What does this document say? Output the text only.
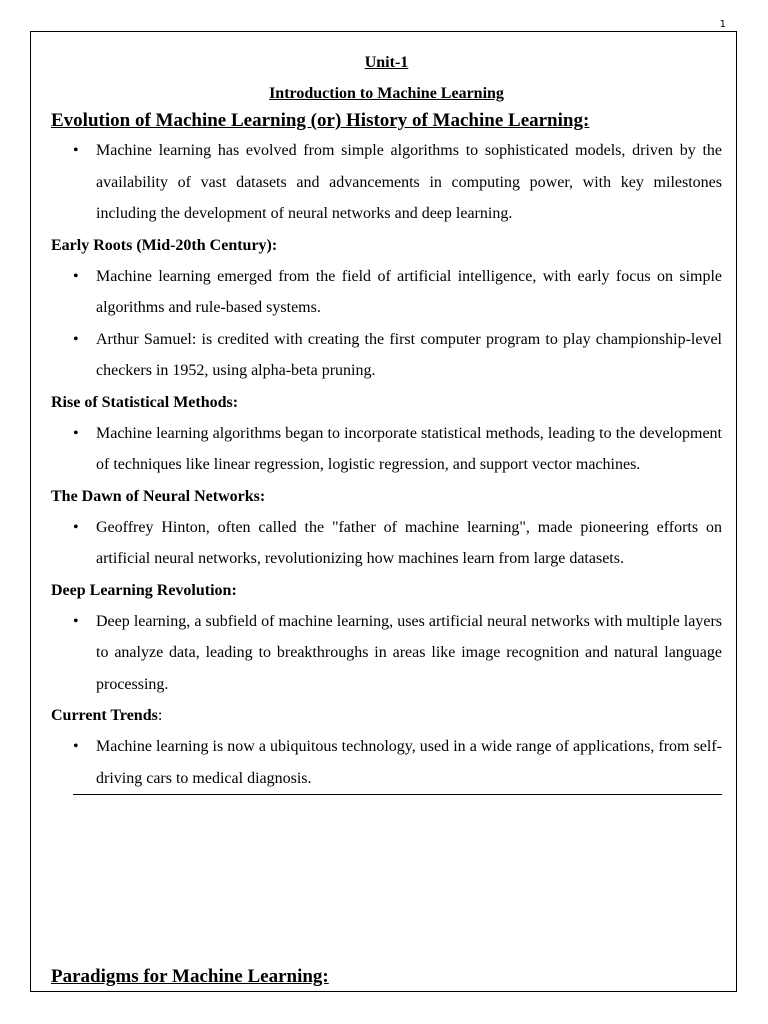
1

Unit-1

Introduction to Machine Learning

Evolution of Machine Learning (or) History of Machine Learning:

• Machine learning has evolved from simple algorithms to sophisticated models, driven by the availability of vast datasets and advancements in computing power, with key milestones including the development of neural networks and deep learning.

Early Roots (Mid-20th Century):

• Machine learning emerged from the field of artificial intelligence, with early focus on simple algorithms and rule-based systems.
• Arthur Samuel: is credited with creating the first computer program to play championship-level checkers in 1952, using alpha-beta pruning.

Rise of Statistical Methods:

• Machine learning algorithms began to incorporate statistical methods, leading to the development of techniques like linear regression, logistic regression, and support vector machines.

The Dawn of Neural Networks:

• Geoffrey Hinton, often called the "father of machine learning", made pioneering efforts on artificial neural networks, revolutionizing how machines learn from large datasets.

Deep Learning Revolution:

• Deep learning, a subfield of machine learning, uses artificial neural networks with multiple layers to analyze data, leading to breakthroughs in areas like image recognition and natural language processing.

Current Trends:

• Machine learning is now a ubiquitous technology, used in a wide range of applications, from self-driving cars to medical diagnosis.

Paradigms for Machine Learning:
